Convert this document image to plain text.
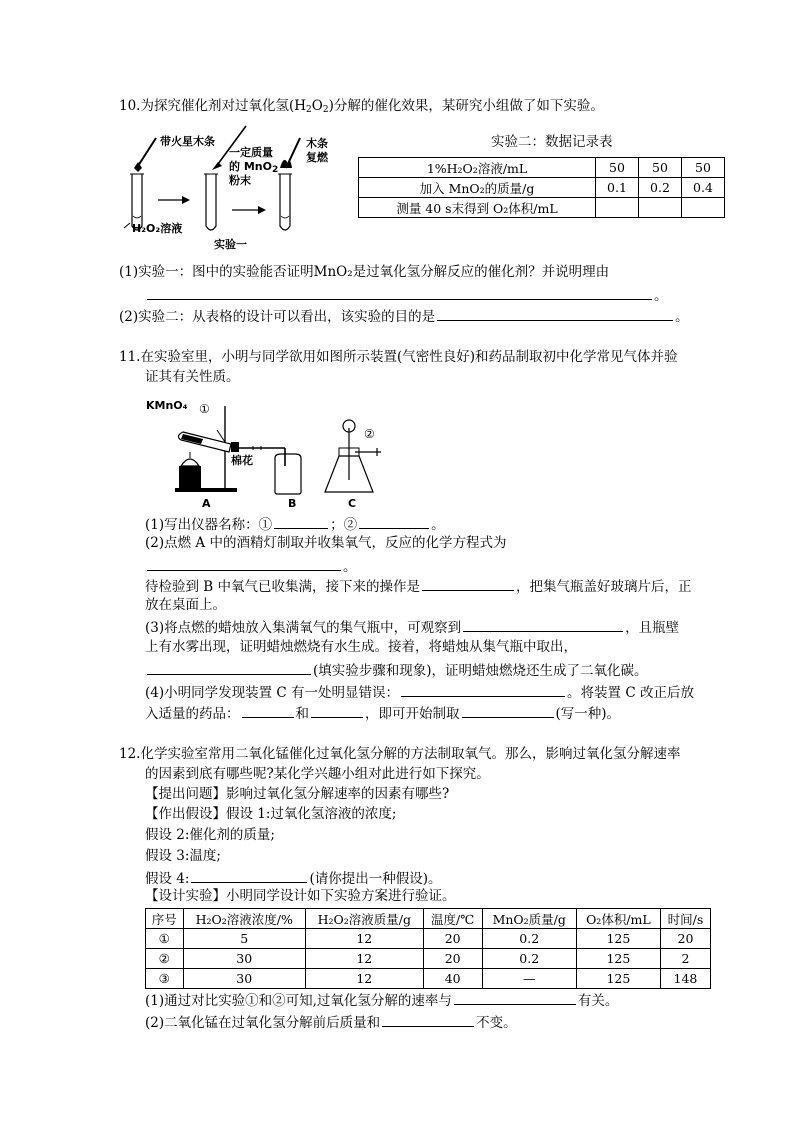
10.为探究催化剂对过氧化氢$(H_2O_2)$分解的催化效果，某研究小组做了如下实验。
带火星木条
一定质量
的 MnO$_2$
粉末
木条
复燃
H₂O₂溶液
实验一
实验二：数据记录表
1%H₂O₂溶液/mL	50	50	50
加入 MnO₂的质量/g	0.1	0.2	0.4
测量 40 s末得到 O₂体积/mL			
(1)实验一：图中的实验能否证明MnO₂是过氧化氢分解反应的催化剂？并说明理由
。
(2)实验二：从表格的设计可以看出，该实验的目的是	。
11.在实验室里，小明与同学欲用如图所示装置(气密性良好)和药品制取初中化学常见气体并验
证其有关性质。
KMnO₄ ①
②
棉花
A	B	C
(1)写出仪器名称：①	；②	。
(2)点燃 A 中的酒精灯制取并收集氧气，反应的化学方程式为
。
待检验到 B 中氧气已收集满，接下来的操作是	，把集气瓶盖好玻璃片后，正
放在桌面上。
(3)将点燃的蜡烛放入集满氧气的集气瓶中，可观察到	，且瓶壁
上有水雾出现，证明蜡烛燃烧有水生成。接着，将蜡烛从集气瓶中取出，
(填实验步骤和现象)，证明蜡烛燃烧还生成了二氧化碳。
(4)小明同学发现装置 C 有一处明显错误：	。将装置 C 改正后放
入适量的药品：	和	，即可开始制取	(写一种)。
12.化学实验室常用二氧化锰催化过氧化氢分解的方法制取氧气。那么，影响过氧化氢分解速率
的因素到底有哪些呢?某化学兴趣小组对此进行如下探究。
【提出问题】影响过氧化氢分解速率的因素有哪些?
【作出假设】假设 1:过氧化氢溶液的浓度;
假设 2:催化剂的质量;
假设 3:温度;
假设 4:	(请你提出一种假设)。
【设计实验】小明同学设计如下实验方案进行验证。
序号	H₂O₂溶液浓度/%	H₂O₂溶液质量/g	温度/℃	MnO₂质量/g	O₂体积/mL	时间/s
①	5	12	20	0.2	125	20
②	30	12	20	0.2	125	2
③	30	12	40	—	125	148
(1)通过对比实验①和②可知,过氧化氢分解的速率与	有关。
(2)二氧化锰在过氧化氢分解前后质量和	不变。
